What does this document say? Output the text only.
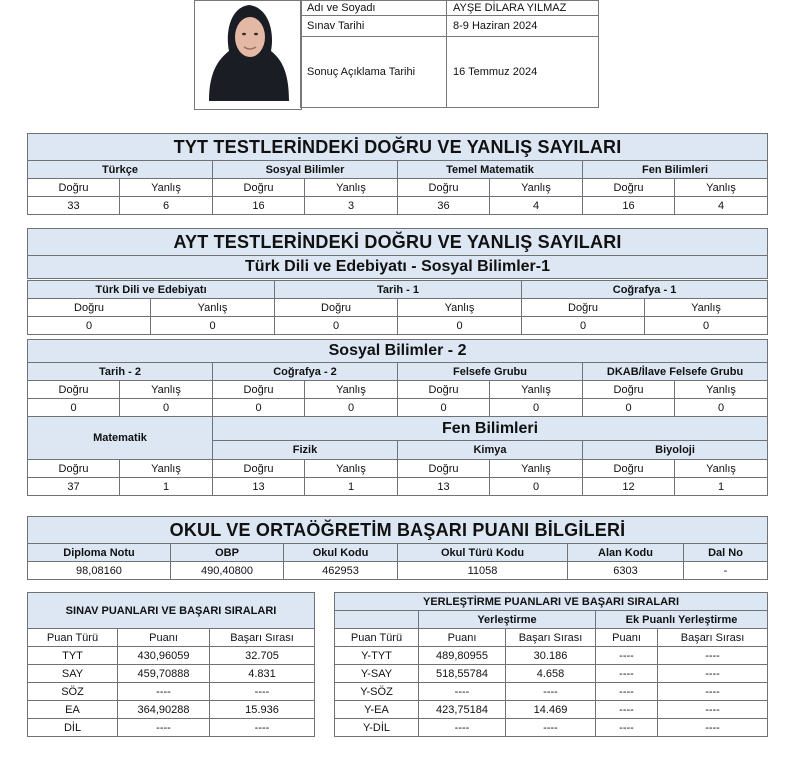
Adı ve Soyadı	AYŞE DİLARA YILMAZ
Sınav Tarihi	8-9 Haziran 2024
Sonuç Açıklama Tarihi	16 Temmuz 2024
TYT TESTLERİNDEKİ DOĞRU VE YANLIŞ SAYILARI							
Türkçe		Sosyal Bilimler		Temel Matematik		Fen Bilimleri	
Doğru	Yanlış	Doğru	Yanlış	Doğru	Yanlış	Doğru	Yanlış
33	6	16	3	36	4	16	4
AYT TESTLERİNDEKİ DOĞRU VE YANLIŞ SAYILARI
Türk Dili ve Edebiyatı - Sosyal Bilimler-1
Türk Dili ve Edebiyatı		Tarih - 1		Coğrafya - 1	
Doğru	Yanlış	Doğru	Yanlış	Doğru	Yanlış
0	0	0	0	0	0
Sosyal Bilimler - 2							
Tarih - 2		Coğrafya - 2		Felsefe Grubu		DKAB/İlave Felsefe Grubu	
Doğru	Yanlış	Doğru	Yanlış	Doğru	Yanlış	Doğru	Yanlış
0	0	0	0	0	0	0	0
Matematik		Fen Bilimleri					
		Fizik		Kimya		Biyoloji	
Doğru	Yanlış	Doğru	Yanlış	Doğru	Yanlış	Doğru	Yanlış
37	1	13	1	13	0	12	1
OKUL VE ORTAÖĞRETİM BAŞARI PUANI BİLGİLERİ					
Diploma Notu	OBP	Okul Kodu	Okul Türü Kodu	Alan Kodu	Dal No
98,08160	490,40800	462953	11058	6303	-
SINAV PUANLARI VE BAŞARI SIRALARI		
Puan Türü	Puanı	Başarı Sırası
TYT	430,96059	32.705
SAY	459,70888	4.831
SÖZ	----	----
EA	364,90288	15.936
DİL	----	----
YERLEŞTİRME PUANLARI VE BAŞARI SIRALARI				
	Yerleştirme		Ek Puanlı Yerleştirme	
Puan Türü	Puanı	Başarı Sırası	Puanı	Başarı Sırası
Y-TYT	489,80955	30.186	----	----
Y-SAY	518,55784	4.658	----	----
Y-SÖZ	----	----	----	----
Y-EA	423,75184	14.469	----	----
Y-DİL	----	----	----	----
